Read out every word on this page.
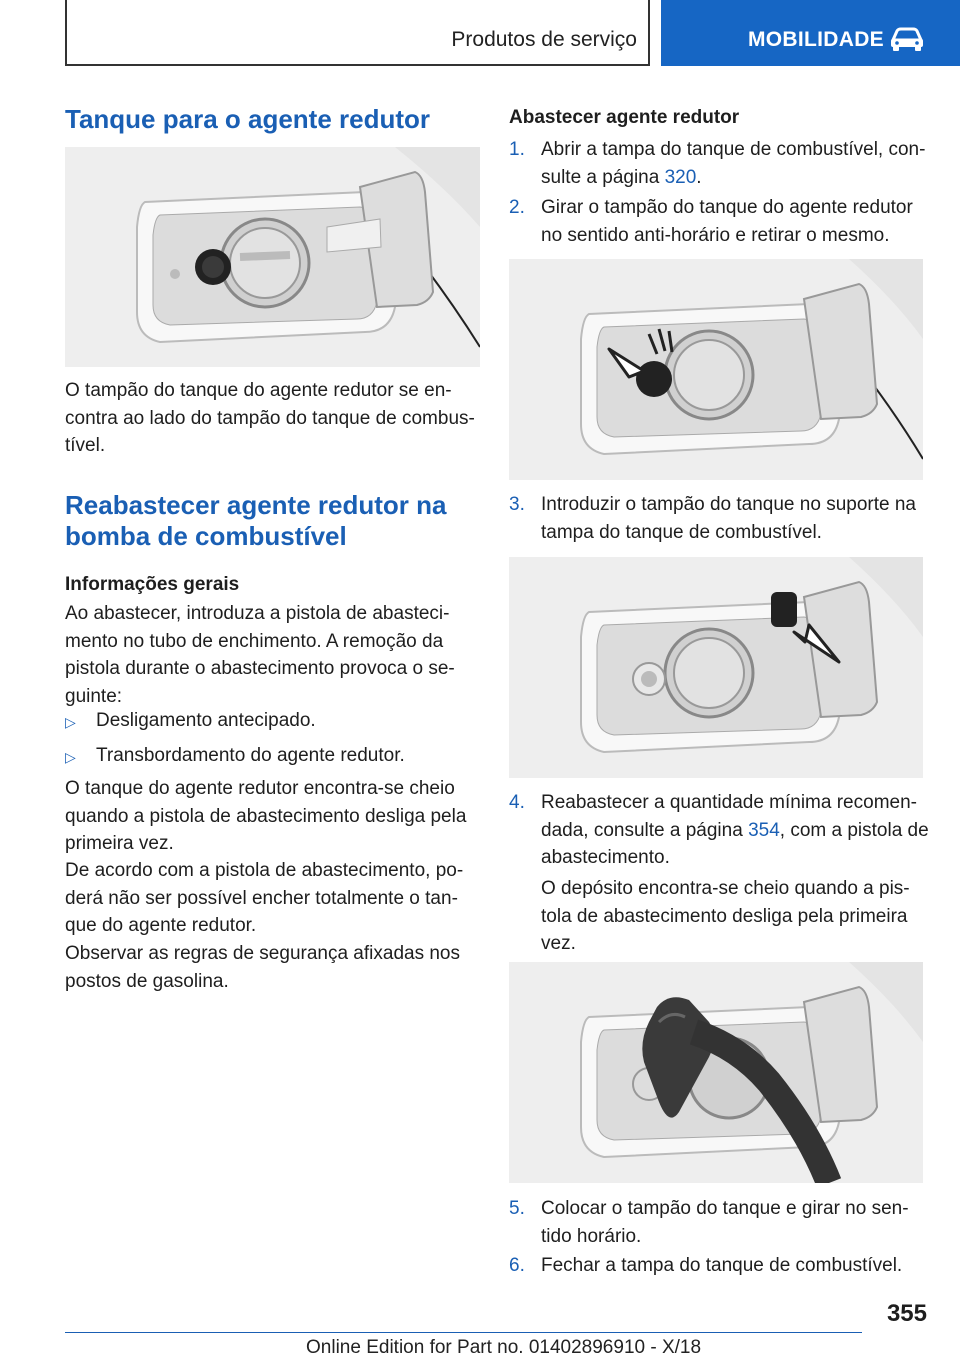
Produtos de serviço	MOBILIDADE
Tanque para o agente redutor

O tampão do tanque do agente redutor se en-
contra ao lado do tampão do tanque de combus-
tível.

Reabastecer agente redutor na
bomba de combustível
Informações gerais

Ao abastecer, introduza a pistola de abasteci-
mento no tubo de enchimento. A remoção da
pistola durante o abastecimento provoca o se-
guinte:

▷ Desligamento antecipado.
▷ Transbordamento do agente redutor.

O tanque do agente redutor encontra-se cheio
quando a pistola de abastecimento desliga pela
primeira vez.

De acordo com a pistola de abastecimento, po-
derá não ser possível encher totalmente o tan-
que do agente redutor.

Observar as regras de segurança afixadas nos
postos de gasolina.

Abastecer agente redutor
1. Abrir a tampa do tanque de combustível, con-
sulte a página 320.
2. Girar o tampão do tanque do agente redutor
no sentido anti-horário e retirar o mesmo.
3. Introduzir o tampão do tanque no suporte na
tampa do tanque de combustível.
4. Reabastecer a quantidade mínima recomen-
dada, consulte a página 354, com a pistola de
abastecimento.

O depósito encontra-se cheio quando a pis-
tola de abastecimento desliga pela primeira
vez.

5. Colocar o tampão do tanque e girar no sen-
tido horário.
6. Fechar a tampa do tanque de combustível.
355
Online Edition for Part no. 01402896910 - X/18
